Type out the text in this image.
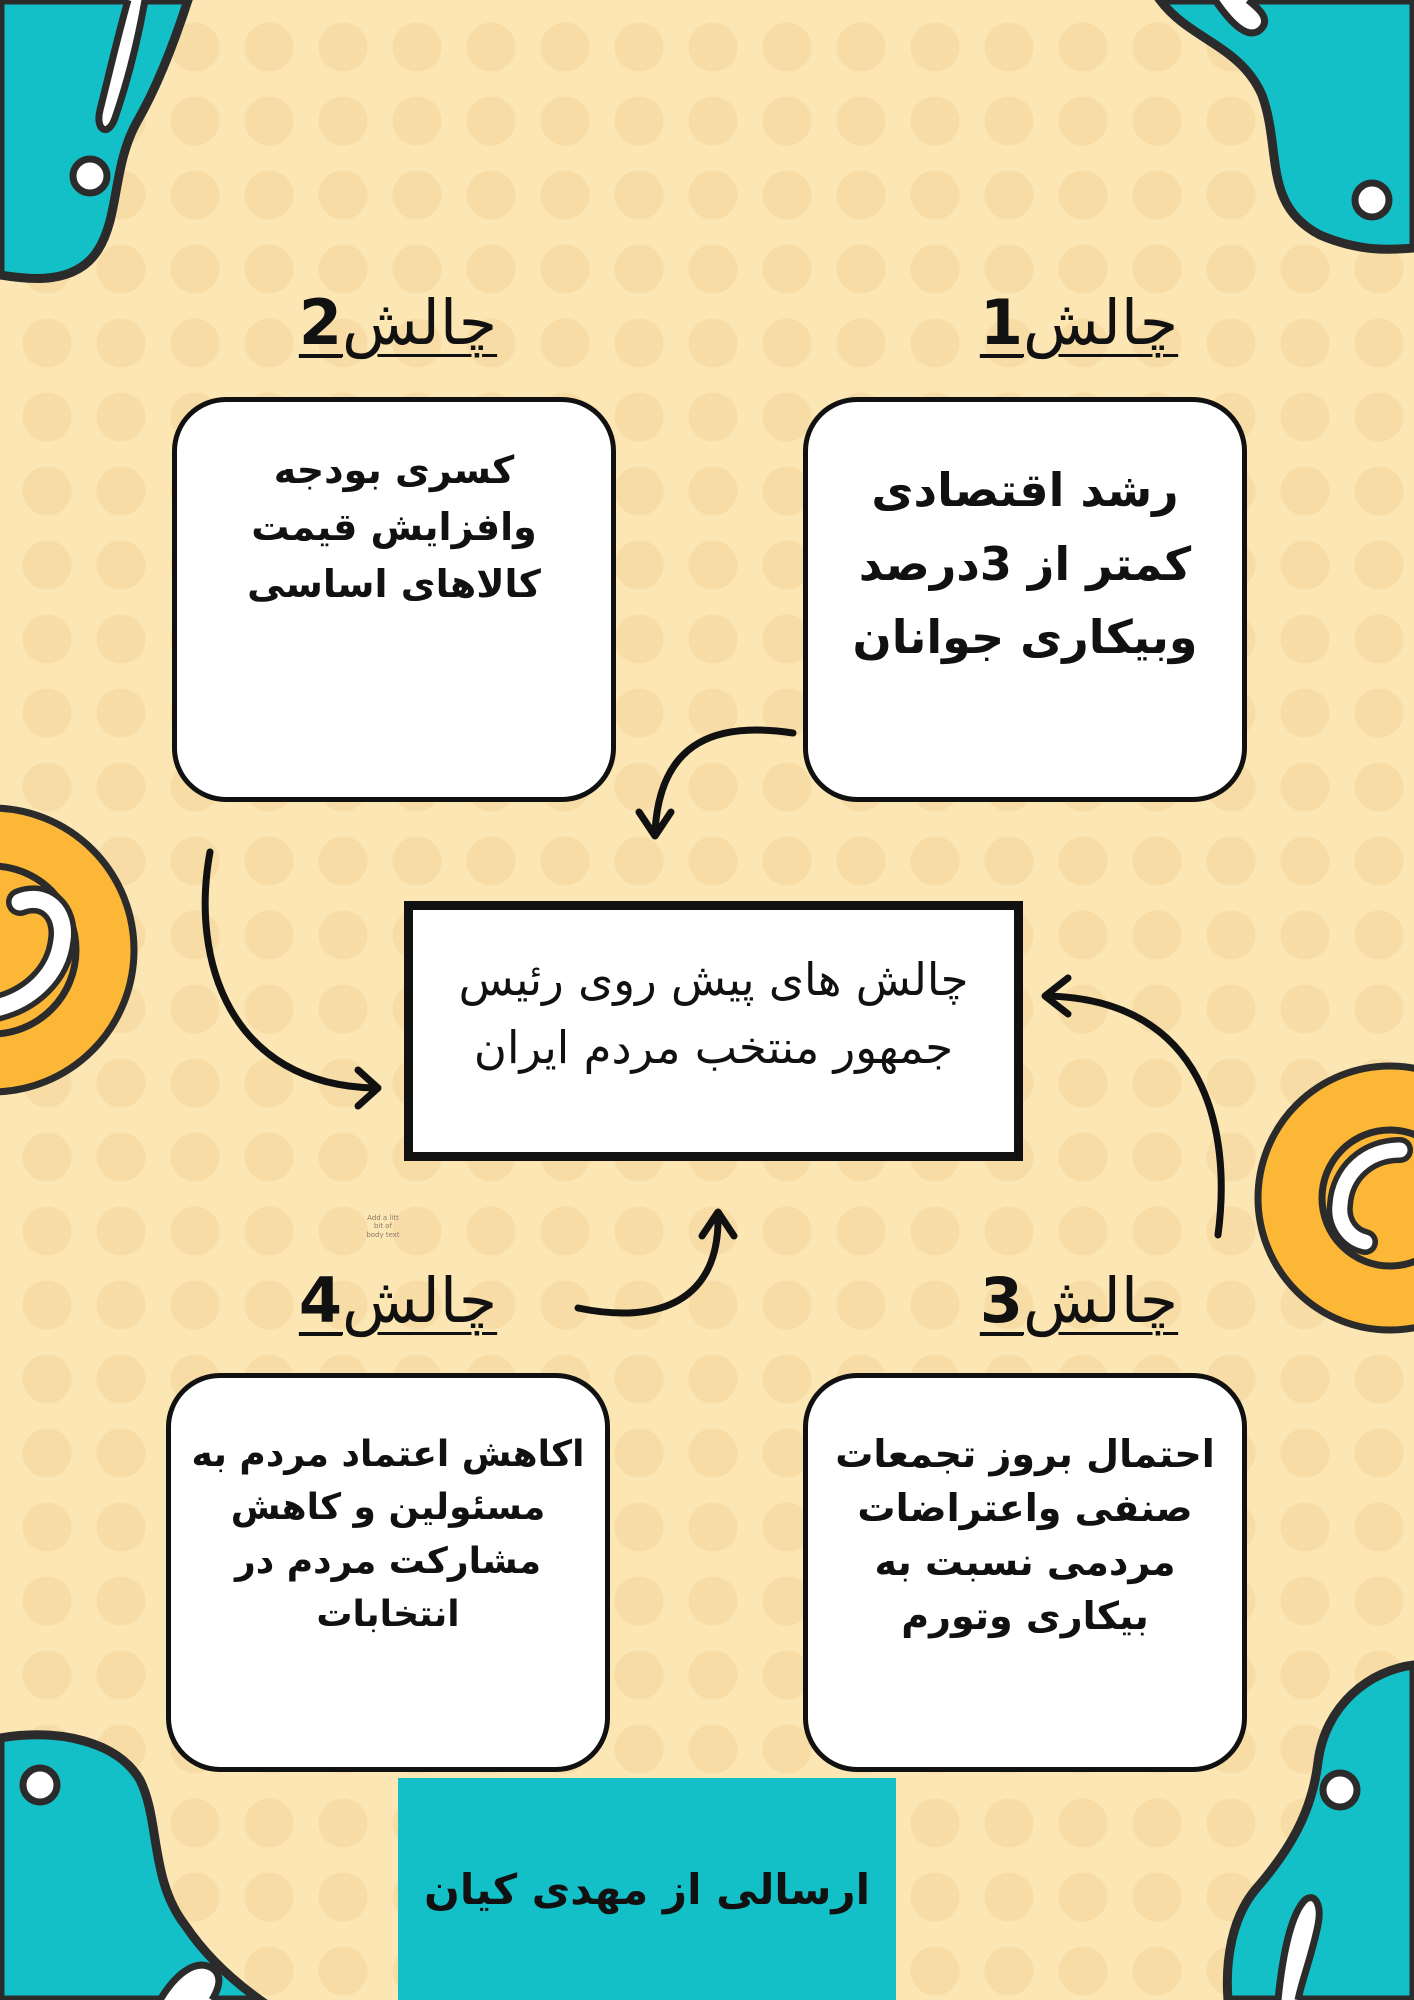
چالش1
رشد اقتصادی کمتر از 3درصد وبیکاری جوانان
چالش2
کسری بودجه وافزایش قیمت کالاهای اساسی
چالش های پیش روی رئیس جمهور منتخب مردم ایران
Add a litt bit of body text
چالش3
احتمال بروز تجمعات صنفی واعتراضات مردمی نسبت به بیکاری وتورم
چالش4
اکاهش اعتماد مردم به مسئولین و کاهش مشارکت مردم در انتخابات
ارسالی از مهدی کیان
